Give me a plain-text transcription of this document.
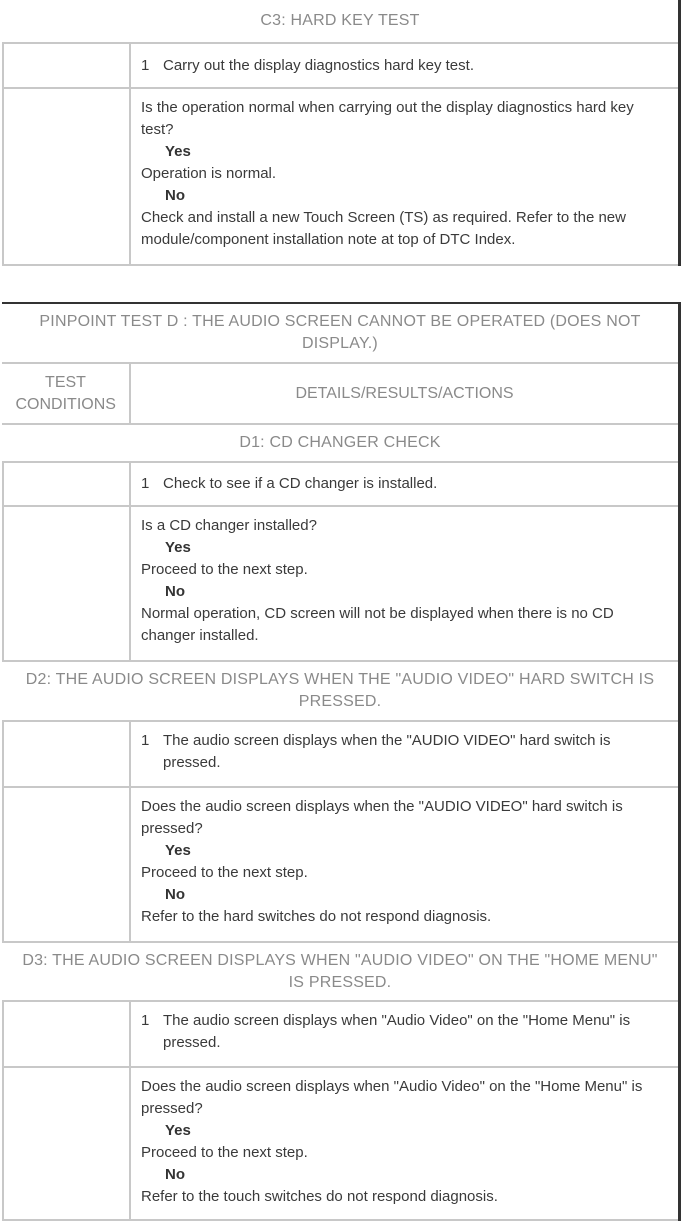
C3: HARD KEY TEST
1 Carry out the display diagnostics hard key test.
Is the operation normal when carrying out the display diagnostics hard key test?
Yes
Operation is normal.
No
Check and install a new Touch Screen (TS) as required. Refer to the new module/component installation note at top of DTC Index.
PINPOINT TEST D : THE AUDIO SCREEN CANNOT BE OPERATED (DOES NOT DISPLAY.)
TEST CONDITIONS
DETAILS/RESULTS/ACTIONS
D1: CD CHANGER CHECK
1 Check to see if a CD changer is installed.
Is a CD changer installed?
Yes
Proceed to the next step.
No
Normal operation, CD screen will not be displayed when there is no CD changer installed.
D2: THE AUDIO SCREEN DISPLAYS WHEN THE "AUDIO VIDEO" HARD SWITCH IS PRESSED.
1 The audio screen displays when the "AUDIO VIDEO" hard switch is pressed.
Does the audio screen displays when the "AUDIO VIDEO" hard switch is pressed?
Yes
Proceed to the next step.
No
Refer to the hard switches do not respond diagnosis.
D3: THE AUDIO SCREEN DISPLAYS WHEN "AUDIO VIDEO" ON THE "HOME MENU" IS PRESSED.
1 The audio screen displays when "Audio Video" on the "Home Menu" is pressed.
Does the audio screen displays when "Audio Video" on the "Home Menu" is pressed?
Yes
Proceed to the next step.
No
Refer to the touch switches do not respond diagnosis.
